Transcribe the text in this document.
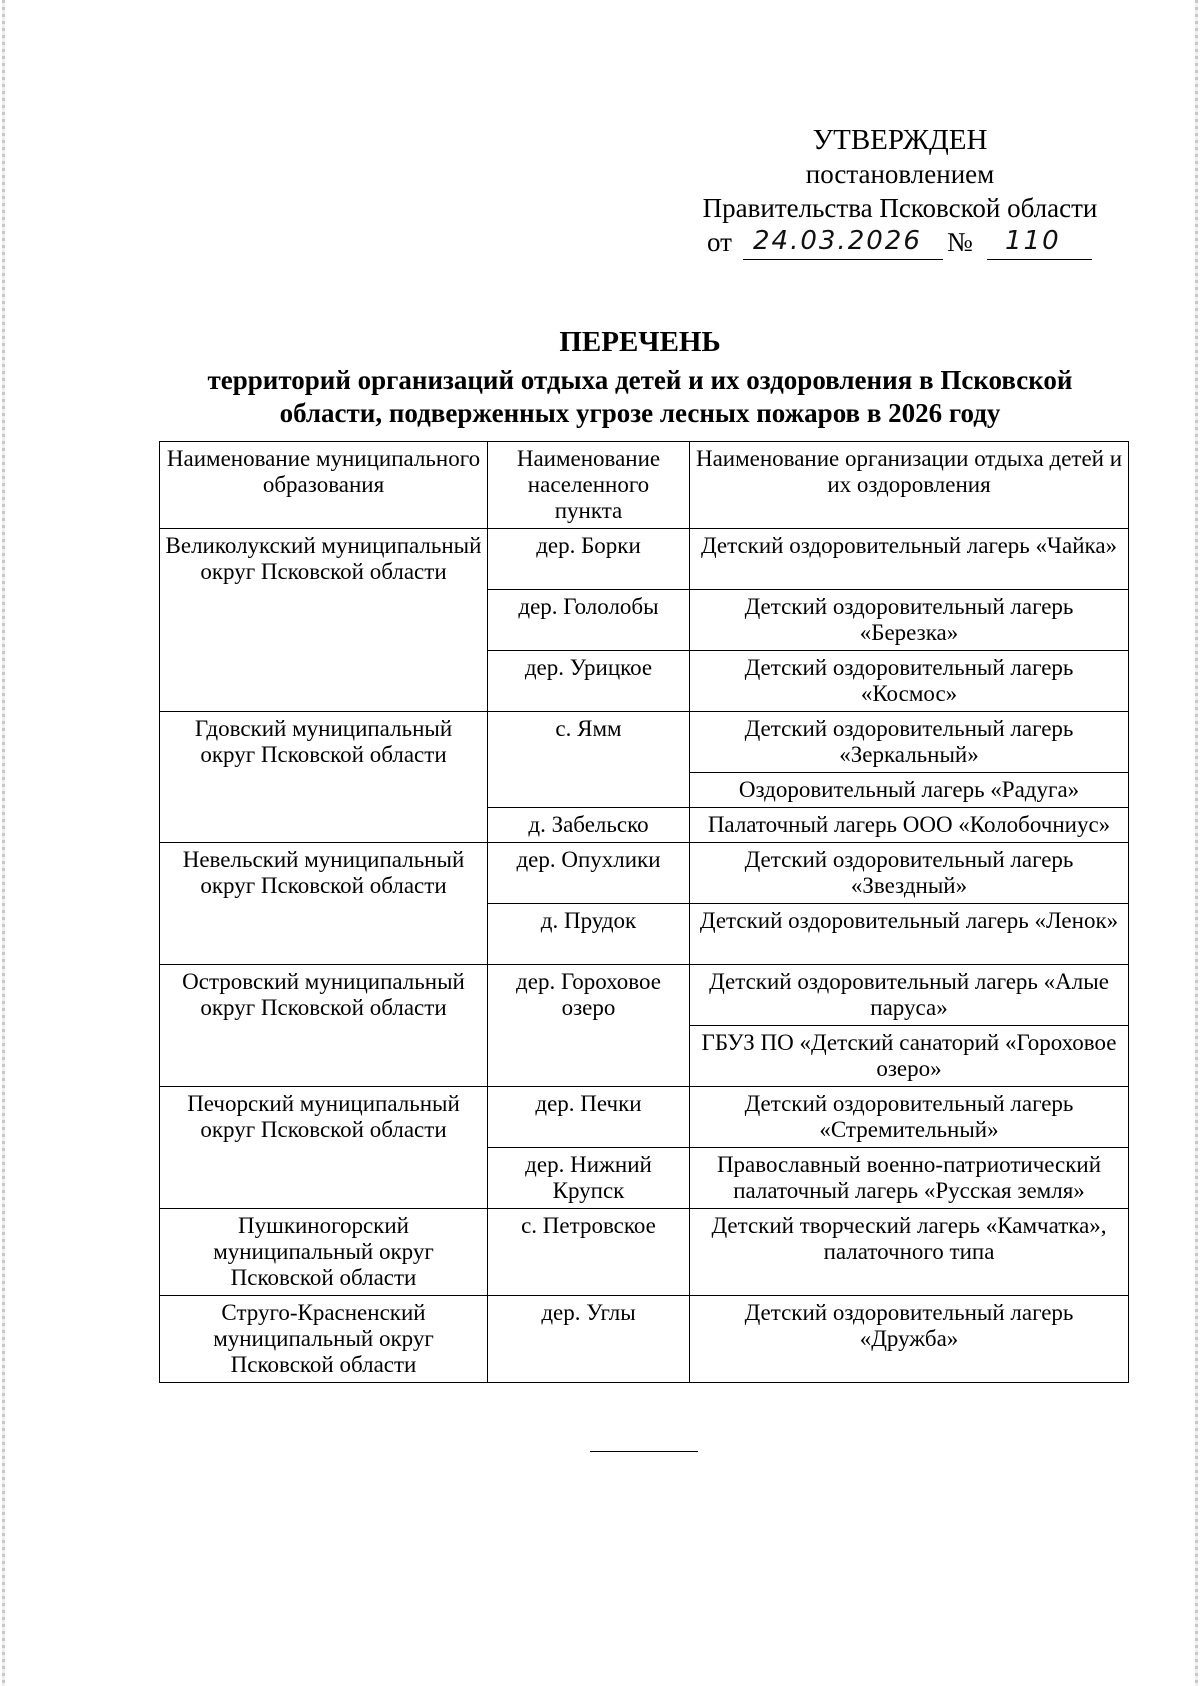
УТВЕРЖДЕН
постановлением
Правительства Псковской области
от 24.03.2026 № 110
ПЕРЕЧЕНЬ
территорий организаций отдыха детей и их оздоровления в Псковской
области, подверженных угрозе лесных пожаров в 2026 году
Наименование муниципального образования	Наименование населенного пункта	Наименование организации отдыха детей и их оздоровления
Великолукский муниципальный округ Псковской области	дер. Борки	Детский оздоровительный лагерь «Чайка»
	дер. Гололобы	Детский оздоровительный лагерь «Березка»
	дер. Урицкое	Детский оздоровительный лагерь «Космос»
Гдовский муниципальный округ Псковской области	с. Ямм	Детский оздоровительный лагерь «Зеркальный»
		Оздоровительный лагерь «Радуга»
	д. Забельско	Палаточный лагерь ООО «Колобочниус»
Невельский муниципальный округ Псковской области	дер. Опухлики	Детский оздоровительный лагерь «Звездный»
	д. Прудок	Детский оздоровительный лагерь «Ленок»
Островский муниципальный округ Псковской области	дер. Гороховое озеро	Детский оздоровительный лагерь «Алые паруса»
		ГБУЗ ПО «Детский санаторий «Гороховое озеро»
Печорский муниципальный округ Псковской области	дер. Печки	Детский оздоровительный лагерь «Стремительный»
	дер. Нижний Крупск	Православный военно-патриотический палаточный лагерь «Русская земля»
Пушкиногорский муниципальный округ Псковской области	с. Петровское	Детский творческий лагерь «Камчатка», палаточного типа
Струго-Красненский муниципальный округ Псковской области	дер. Углы	Детский оздоровительный лагерь «Дружба»
